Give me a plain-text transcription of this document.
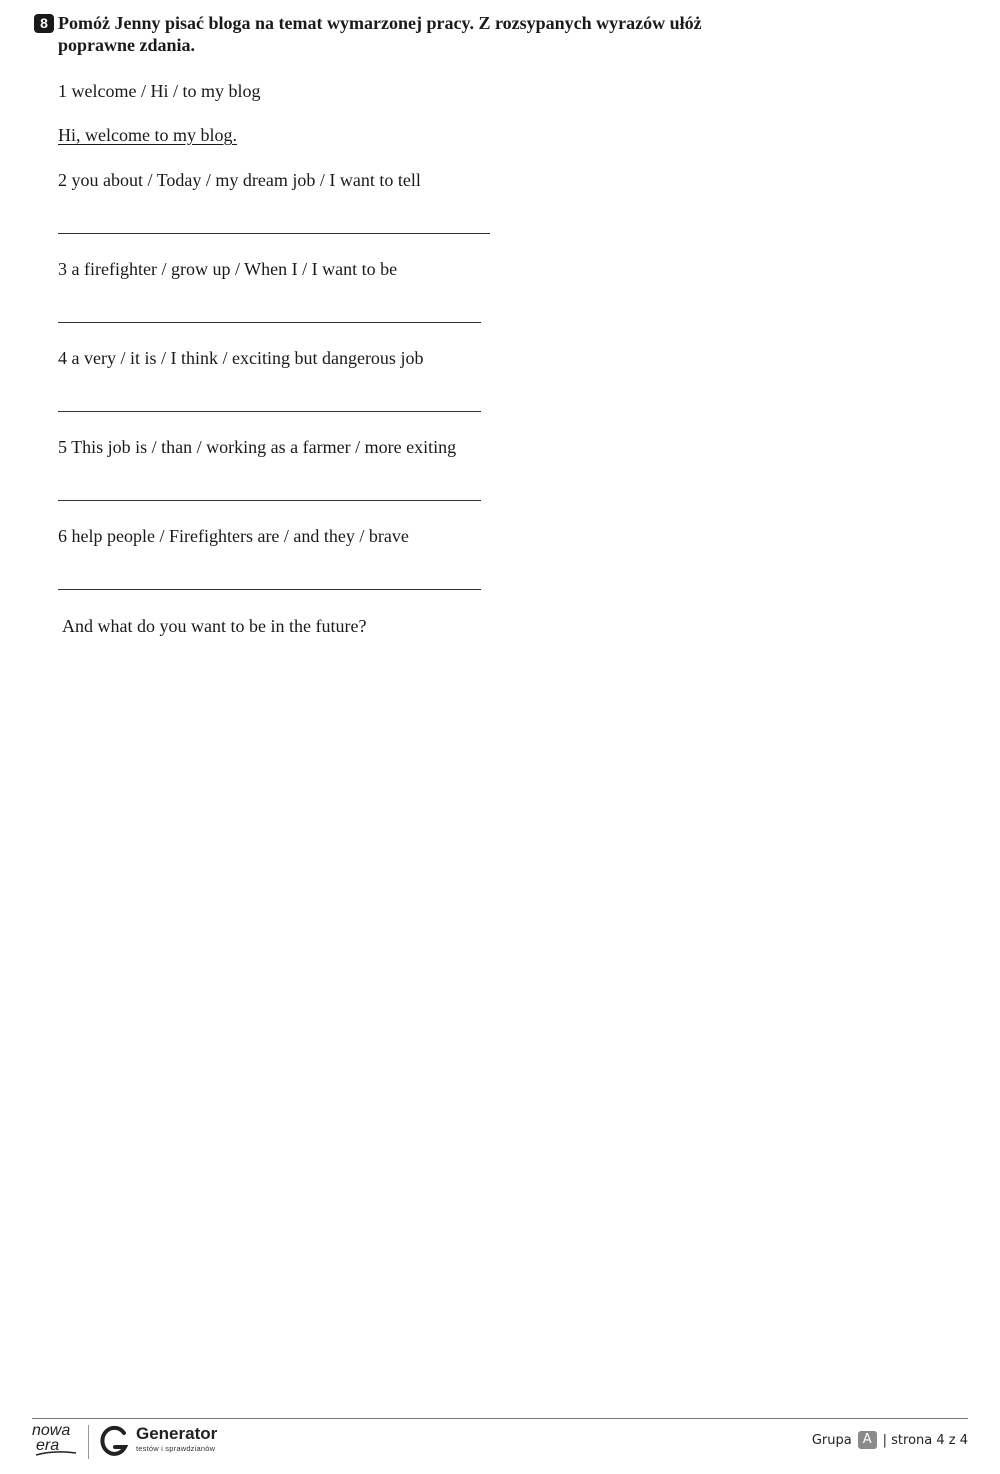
8 Pomóż Jenny pisać bloga na temat wymarzonej pracy. Z rozsypanych wyrazów ułóż
poprawne zdania.

1 welcome / Hi / to my blog
Hi, welcome to my blog.
2 you about / Today / my dream job / I want to tell
3 a firefighter / grow up / When I / I want to be
4 a very / it is / I think / exciting but dangerous job
5 This job is / than / working as a farmer / more exiting
6 help people / Firefighters are / and they / brave
And what do you want to be in the future?
nowa
era
Generator
testów i sprawdzianów
Grupa A | strona 4 z 4
